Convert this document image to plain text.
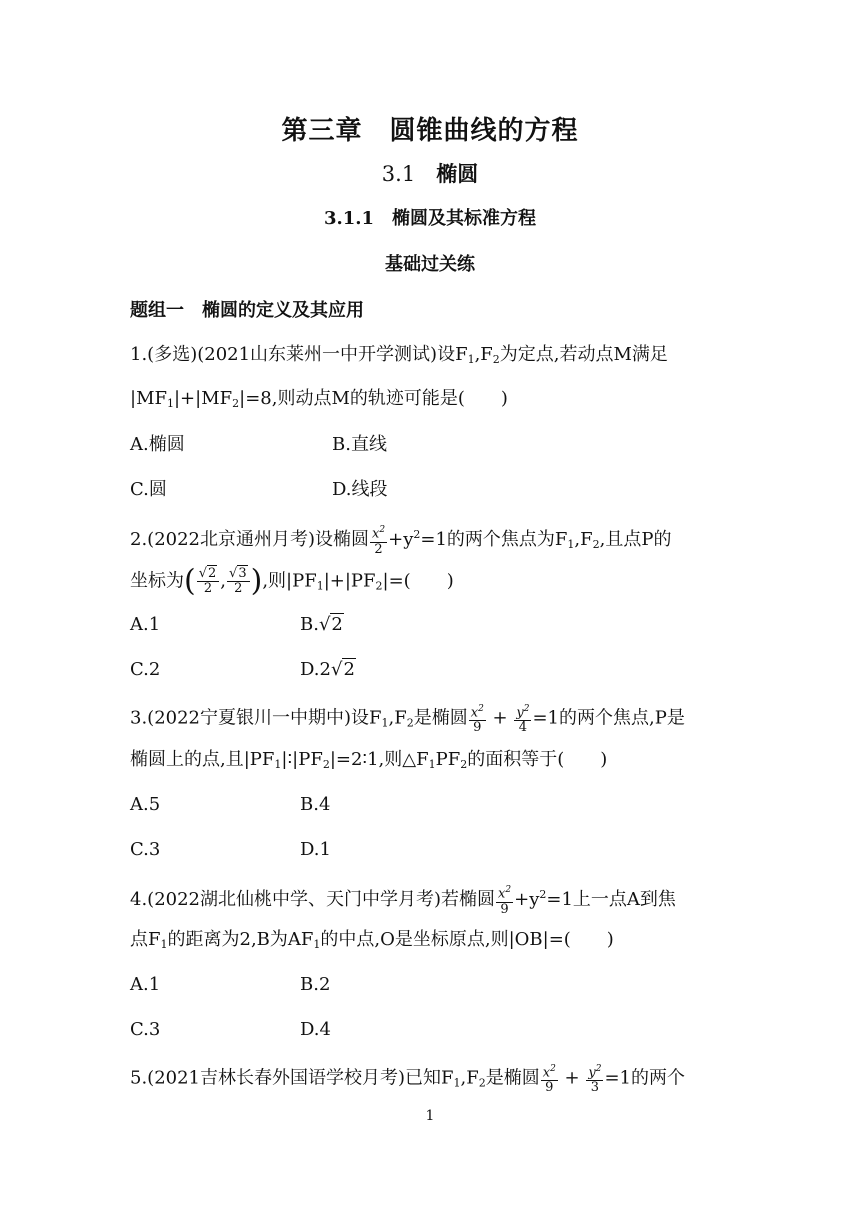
第三章　圆锥曲线的方程
3.1　 椭圆
3.1.1　椭圆及其标准方程
基础过关练
题组一　椭圆的定义及其应用
1.(多选)(2021山东莱州一中开学测试)设$F_1,F_2$为定点,若动点M满足
$|MF_1|+|MF_2|=8$,则动点M的轨迹可能是(　　)
A.椭圆	B.直线
C.圆	D.线段
2.(2022北京通州月考)设椭圆 $\frac{x^2}{2} +y^2=1$的两个焦点为$F_1,F_2$,且点P的
坐标为( $\frac{√2}{2}$ , $\frac{√3}{2}$ ),则$|PF_1|+|PF_2|=$(　　)
A.1	B.√2
C.2	D.2√2
3.(2022宁夏银川一中期中)设$F_1,F_2$是椭圆 $\frac{x^2}{9} + \frac{y^2}{4} =1$的两个焦点,P是
椭圆上的点,且$|PF_1|∶|PF_2|=2∶1$,则$\triangle F_1PF_2$的面积等于(　　)
A.5	B.4
C.3	D.1
4.(2022湖北仙桃中学、天门中学月考)若椭圆 $\frac{x^2}{9} +y^2=1$上一点A到焦
点$F_1$的距离为2,B为$AF_1$的中点,O是坐标原点,则|OB|=(　　)
A.1	B.2
C.3	D.4
5.(2021吉林长春外国语学校月考)已知$F_1,F_2$是椭圆 $\frac{x^2}{9} + \frac{y^2}{3} =1$的两个
1
